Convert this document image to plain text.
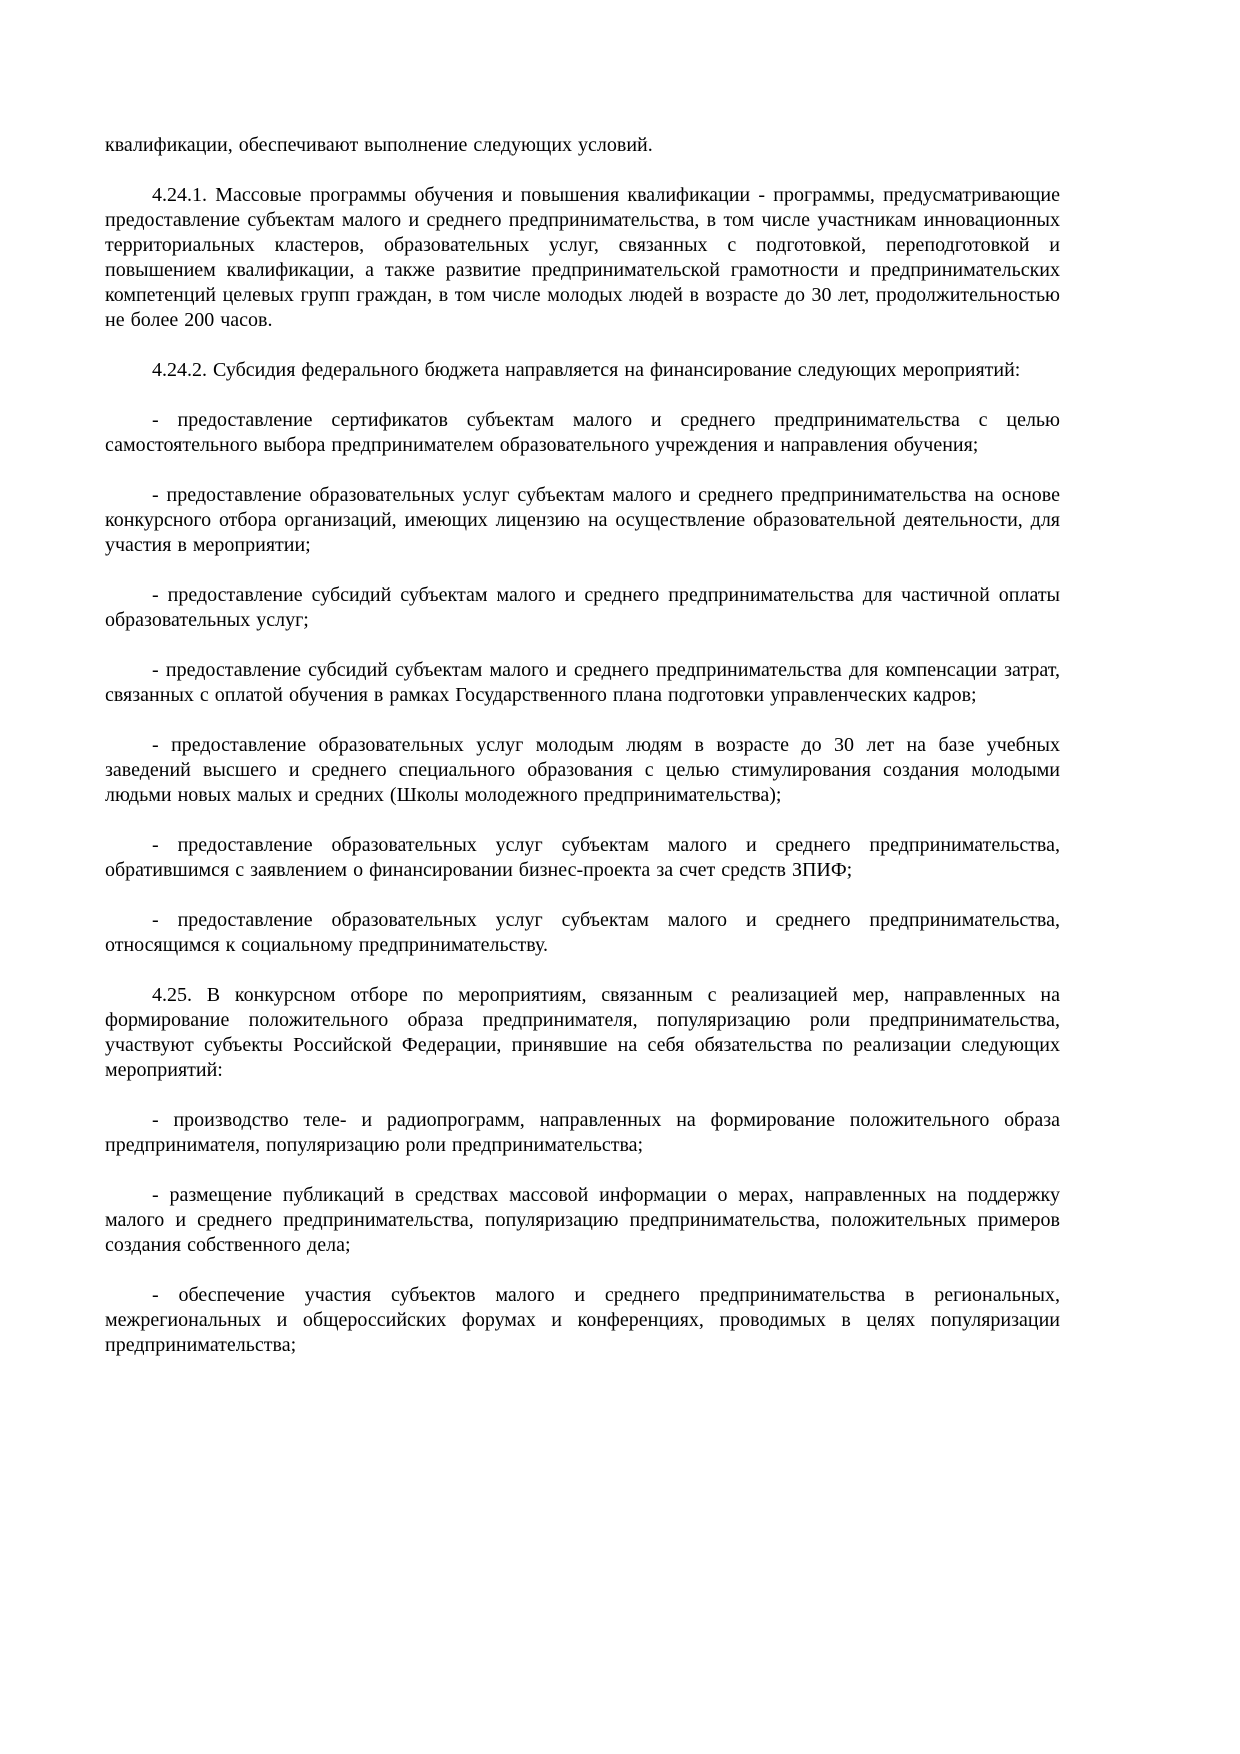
квалификации, обеспечивают выполнение следующих условий.

4.24.1. Массовые программы обучения и повышения квалификации - программы, предусматривающие предоставление субъектам малого и среднего предпринимательства, в том числе участникам инновационных территориальных кластеров, образовательных услуг, связанных с подготовкой, переподготовкой и повышением квалификации, а также развитие предпринимательской грамотности и предпринимательских компетенций целевых групп граждан, в том числе молодых людей в возрасте до 30 лет, продолжительностью не более 200 часов.

4.24.2. Субсидия федерального бюджета направляется на финансирование следующих мероприятий:

- предоставление сертификатов субъектам малого и среднего предпринимательства с целью самостоятельного выбора предпринимателем образовательного учреждения и направления обучения;

- предоставление образовательных услуг субъектам малого и среднего предпринимательства на основе конкурсного отбора организаций, имеющих лицензию на осуществление образовательной деятельности, для участия в мероприятии;

- предоставление субсидий субъектам малого и среднего предпринимательства для частичной оплаты образовательных услуг;

- предоставление субсидий субъектам малого и среднего предпринимательства для компенсации затрат, связанных с оплатой обучения в рамках Государственного плана подготовки управленческих кадров;

- предоставление образовательных услуг молодым людям в возрасте до 30 лет на базе учебных заведений высшего и среднего специального образования с целью стимулирования создания молодыми людьми новых малых и средних (Школы молодежного предпринимательства);

- предоставление образовательных услуг субъектам малого и среднего предпринимательства, обратившимся с заявлением о финансировании бизнес-проекта за счет средств ЗПИФ;

- предоставление образовательных услуг субъектам малого и среднего предпринимательства, относящимся к социальному предпринимательству.

4.25. В конкурсном отборе по мероприятиям, связанным с реализацией мер, направленных на формирование положительного образа предпринимателя, популяризацию роли предпринимательства, участвуют субъекты Российской Федерации, принявшие на себя обязательства по реализации следующих мероприятий:

- производство теле- и радиопрограмм, направленных на формирование положительного образа предпринимателя, популяризацию роли предпринимательства;

- размещение публикаций в средствах массовой информации о мерах, направленных на поддержку малого и среднего предпринимательства, популяризацию предпринимательства, положительных примеров создания собственного дела;

- обеспечение участия субъектов малого и среднего предпринимательства в региональных, межрегиональных и общероссийских форумах и конференциях, проводимых в целях популяризации предпринимательства;
